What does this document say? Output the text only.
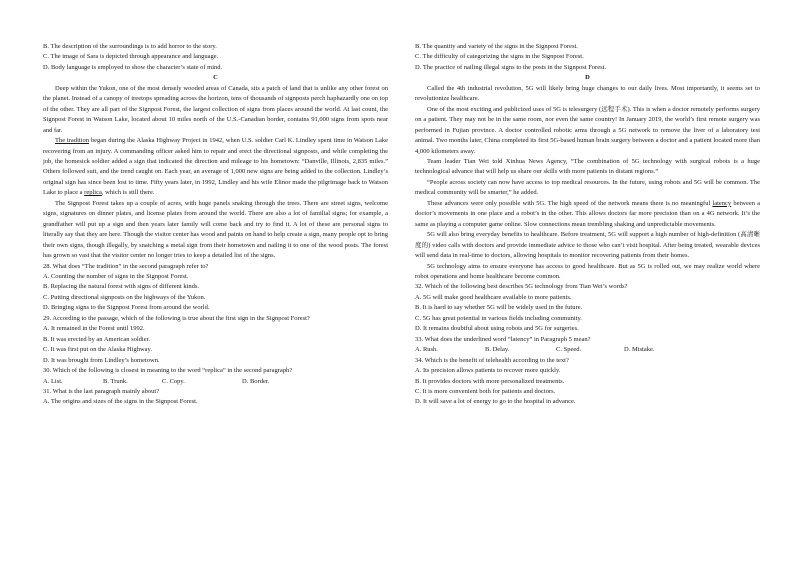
B. The description of the surroundings is to add horror to the story.

C. The image of Sara is depicted through appearance and language.

D. Body language is employed to show the character’s state of mind.

C

Deep within the Yukon, one of the most densely wooded areas of Canada, sits a patch of land that is unlike any other forest on the planet. Instead of a canopy of treetops spreading across the horizon, tens of thousands of signposts perch haphazardly one on top of the other. They are all part of the Signpost Forest, the largest collection of signs from places around the world. At last count, the Signpost Forest in Watson Lake, located about 10 miles north of the U.S.-Canadian border, contains 91,000 signs from spots near and far.

The tradition began during the Alaska Highway Project in 1942, when U.S. soldier Carl K. Lindley spent time in Watson Lake recovering from an injury. A commanding officer asked him to repair and erect the directional signposts, and while completing the job, the homesick soldier added a sign that indicated the direction and mileage to his hometown: “Danville, Illinois, 2,835 miles.” Others followed suit, and the trend caught on. Each year, an average of 1,000 new signs are being added to the collection. Lindley’s original sign has since been lost to time. Fifty years later, in 1992, Lindley and his wife Elinor made the pilgrimage back to Watson Lake to place a replica, which is still there.

The Signpost Forest takes up a couple of acres, with huge panels snaking through the trees. There are street signs, welcome signs, signatures on dinner plates, and license plates from around the world. There are also a lot of familial signs; for example, a grandfather will put up a sign and then years later family will come back and try to find it. A lot of these are personal signs to literally say that they are here. Though the visitor center has wood and paints on hand to help create a sign, many people opt to bring their own signs, though illegally, by snatching a metal sign from their hometown and nailing it to one of the wood posts. The forest has grown so vast that the visitor center no longer tries to keep a detailed list of the signs.

28. What does “The tradition” in the second paragraph refer to?

A. Counting the number of signs in the Signpost Forest.

B. Replacing the natural forest with signs of different kinds.

C. Putting directional signposts on the highways of the Yukon.

D. Bringing signs to the Signpost Forest from around the world.

29. According to the passage, which of the following is true about the first sign in the Signpost Forest?

A. It remained in the Forest until 1992.

B. It was erected by an American soldier.

C. It was first put on the Alaska Highway.

D. It was brought from Lindley’s hometown.

30. Which of the following is closest in meaning to the word “replica” in the second paragraph?

A. List.	B. Trunk.	C. Copy.	D. Border.

31. What is the last paragraph mainly about?

A. The origins and sizes of the signs in the Signpost Forest.

B. The quantity and variety of the signs in the Signpost Forest.

C. The difficulty of categorizing the signs in the Signpost Forest.

D. The practice of nailing illegal signs to the posts in the Signpost Forest.

D

Called the 4th industrial revolution, 5G will likely bring huge changes to our daily lives. Most importantly, it seems set to revolutionize healthcare.

One of the most exciting and publicized uses of 5G is telesurgery (远程手术). This is when a doctor remotely performs surgery on a patient. They may not be in the same room, nor even the same country! In January 2019, the world’s first remote surgery was performed in Fujian province. A doctor controlled robotic arms through a 5G network to remove the liver of a laboratory test animal. Two months later, China completed its first 5G-based human brain surgery between a doctor and a patient located more than 4,000 kilometers away.

Team leader Tian Wei told Xinhua News Agency, “The combination of 5G technology with surgical robots is a huge technological advance that will help us share our skills with more patients in distant regions.”

“People across society can now have access to top medical resources. In the future, using robots and 5G will be common. The medical community will be smarter,” he added.

These advances were only possible with 5G. The high speed of the network means there is no meaningful latency between a doctor’s movements in one place and a robot’s in the other. This allows doctors far more precision than on a 4G network. It’s the same as playing a computer game online. Slow connections mean trembling shaking and unpredictable movements.

5G will also bring everyday benefits to healthcare. Before treatment, 5G will support a high number of high-definition (高清晰度的) video calls with doctors and provide immediate advice to those who can’t visit hospital. After being treated, wearable devices will send data in real-time to doctors, allowing hospitals to monitor recovering patients from their homes.

5G technology aims to ensure everyone has access to good healthcare. But as 5G is rolled out, we may realize world where robot operations and home healthcare become common.

32. Which of the following best describes 5G technology from Tian Wei’s words?

A. 5G will make good healthcare available to more patients.

B. It is hard to say whether 5G will be widely used in the future.

C. 5G has great potential in various fields including community.

D. It remains doubtful about using robots and 5G for surgeries.

33. What does the underlined word “latency” in Paragraph 5 mean?

A. Rush.	B. Delay.	C. Speed.	D. Mistake.

34. Which is the benefit of telehealth according to the text?

A. Its precision allows patients to recover more quickly.

B. It provides doctors with more personalized treatments.

C. It is more convenient both for patients and doctors.

D. It will save a lot of energy to go to the hospital in advance.
